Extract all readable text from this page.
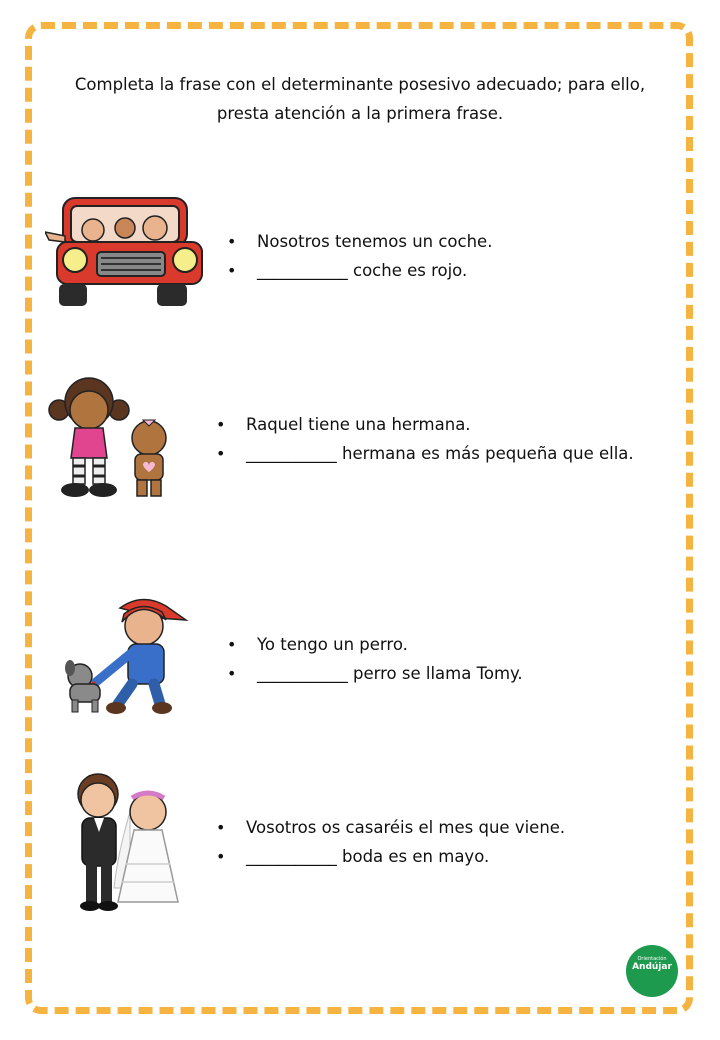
Completa la frase con el determinante posesivo adecuado; para ello, presta atención a la primera frase.
• Nosotros tenemos un coche.
• ___________ coche es rojo.
• Raquel tiene una hermana.
• ___________ hermana es más pequeña que ella.
• Yo tengo un perro.
• ___________ perro se llama Tomy.
• Vosotros os casaréis el mes que viene.
• ___________ boda es en mayo.
Orientación
Andújar
